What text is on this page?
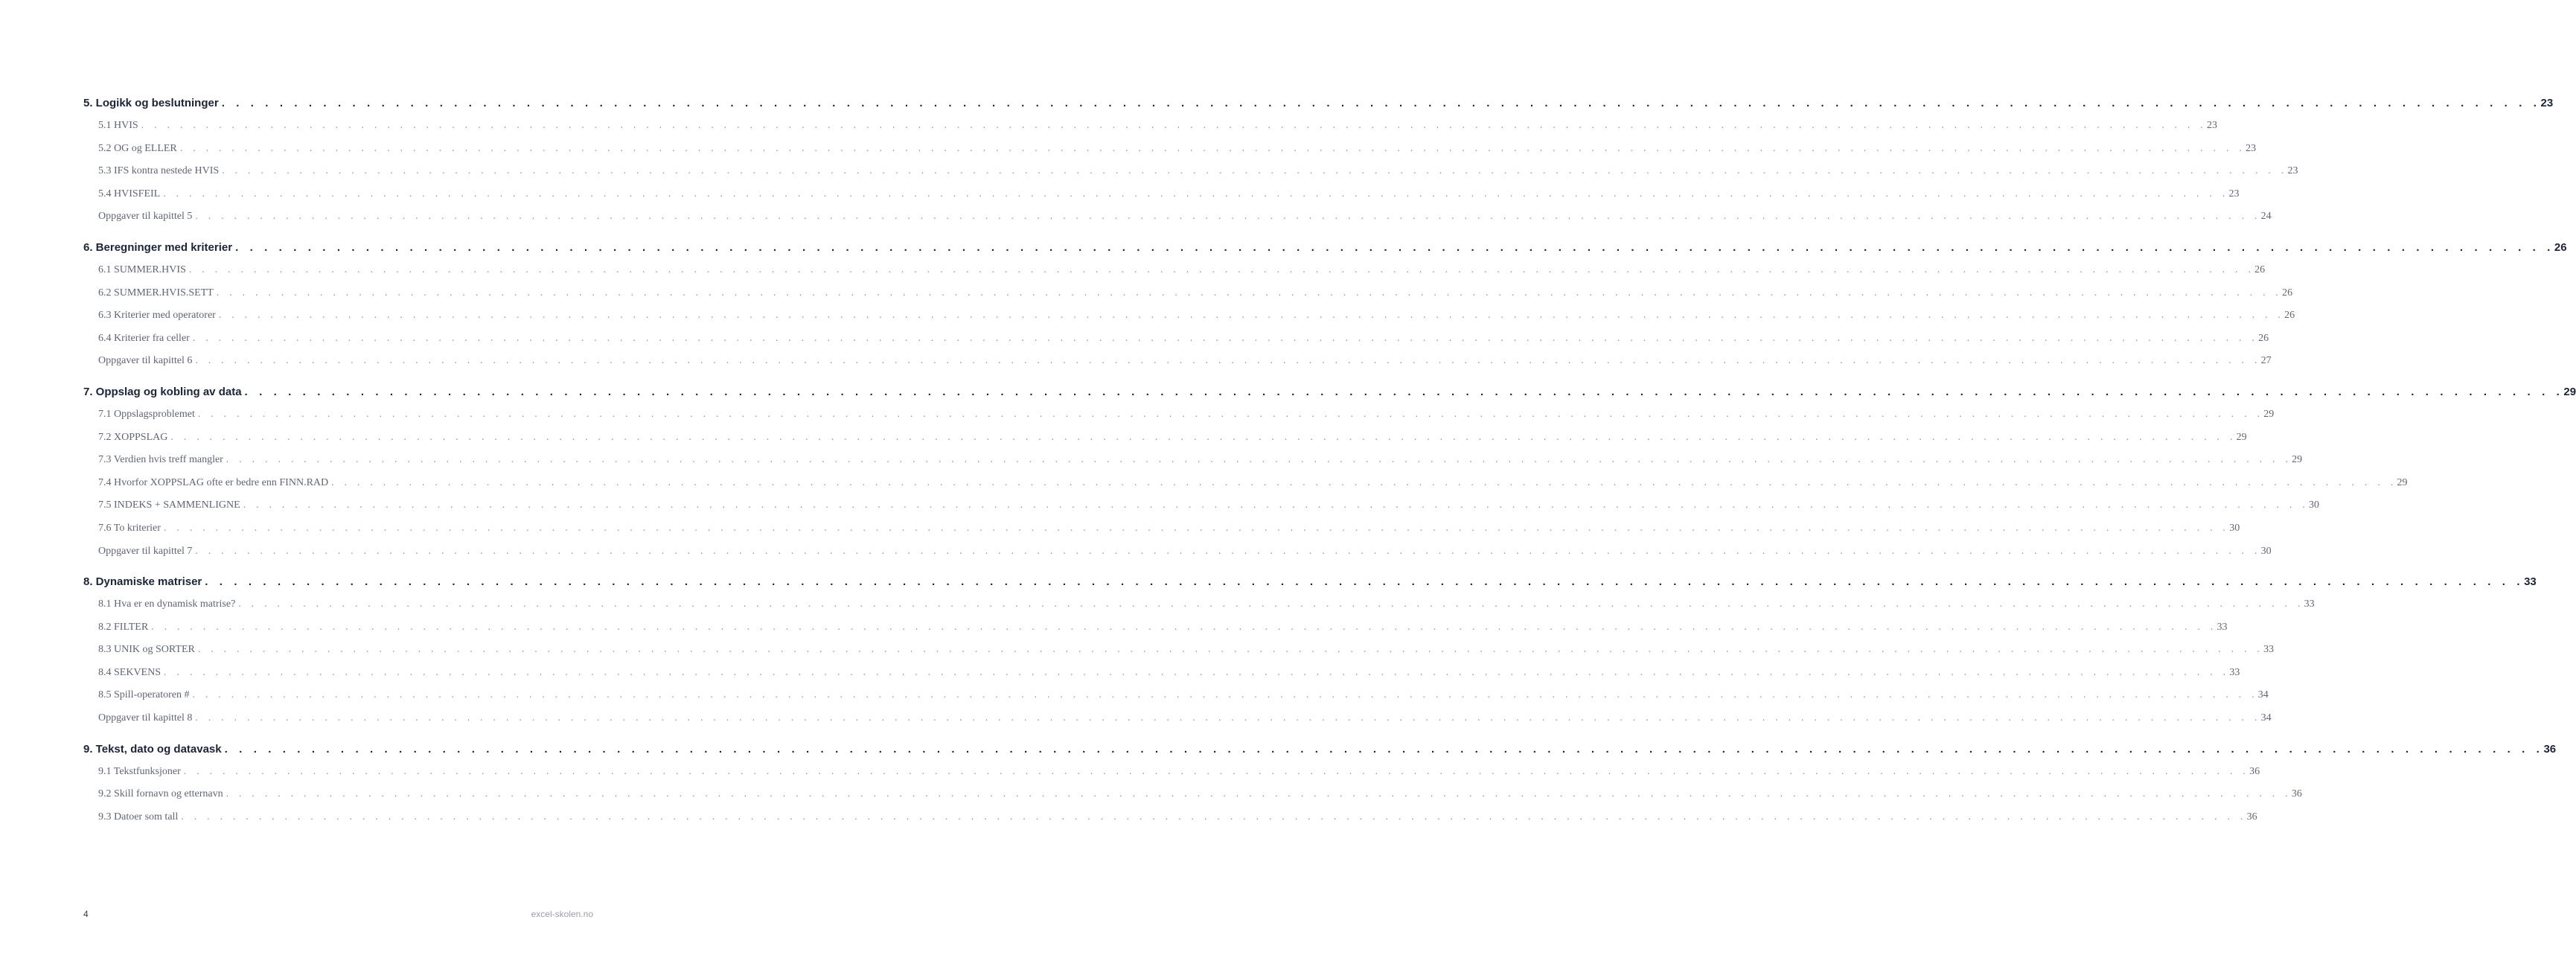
5. Logikk og beslutninger . . . . . . . . . . . . . . . . . . . . . . . . . . . . . . . . . . . . . . . . . . . . . . . . . . . . . . . . . . . . . . . . . . . . . . . . . . . . . . . . . . . . . . . . . . . . . . . . . . . . . . . . . . . . . . . . . . . . . . . . . . . . . . . . . . . . . . . . . . . . . . . . . . . . . . . . . . . . . . . . 23
5.1 HVIS . . . . . . . . . . . . . . . . . . . . . . . . . . . . . . . . . . . . . . . . . . . . . . . . . . . . . . . . . . . . . . . . . . . . . . . . . . . . . . . . . . . . . . . . . . . . . . . . . . . . . . . . . . . . . . . . . . . . . . . . . . . . . . . . . . . . . . . . . . . . . . . . . . . . . . . . . . . . . . . . 23
5.2 OG og ELLER . . . . . . . . . . . . . . . . . . . . . . . . . . . . . . . . . . . . . . . . . . . . . . . . . . . . . . . . . . . . . . . . . . . . . . . . . . . . . . . . . . . . . . . . . . . . . . . . . . . . . . . . . . . . . . . . . . . . . . . . . . . . . . . . . . . . . . . . . . . . . . . . . . . . . . . . . . . . . . . . 23
5.3 IFS kontra nestede HVIS . . . . . . . . . . . . . . . . . . . . . . . . . . . . . . . . . . . . . . . . . . . . . . . . . . . . . . . . . . . . . . . . . . . . . . . . . . . . . . . . . . . . . . . . . . . . . . . . . . . . . . . . . . . . . . . . . . . . . . . . . . . . . . . . . . . . . . . . . . . . . . . . . . . . . . . . . . . . . . . . 23
5.4 HVISFEIL . . . . . . . . . . . . . . . . . . . . . . . . . . . . . . . . . . . . . . . . . . . . . . . . . . . . . . . . . . . . . . . . . . . . . . . . . . . . . . . . . . . . . . . . . . . . . . . . . . . . . . . . . . . . . . . . . . . . . . . . . . . . . . . . . . . . . . . . . . . . . . . . . . . . . . . . . . . . . . . . 23
Oppgaver til kapittel 5 . . . . . . . . . . . . . . . . . . . . . . . . . . . . . . . . . . . . . . . . . . . . . . . . . . . . . . . . . . . . . . . . . . . . . . . . . . . . . . . . . . . . . . . . . . . . . . . . . . . . . . . . . . . . . . . . . . . . . . . . . . . . . . . . . . . . . . . . . . . . . . . . . . . . . . . . . . . . . . . . 24
6. Beregninger med kriterier . . . . . . . . . . . . . . . . . . . . . . . . . . . . . . . . . . . . . . . . . . . . . . . . . . . . . . . . . . . . . . . . . . . . . . . . . . . . . . . . . . . . . . . . . . . . . . . . . . . . . . . . . . . . . . . . . . . . . . . . . . . . . . . . . . . . . . . . . . . . . . . . . . . . . . . . . . . . . . . . 26
6.1 SUMMER.HVIS . . . . . . . . . . . . . . . . . . . . . . . . . . . . . . . . . . . . . . . . . . . . . . . . . . . . . . . . . . . . . . . . . . . . . . . . . . . . . . . . . . . . . . . . . . . . . . . . . . . . . . . . . . . . . . . . . . . . . . . . . . . . . . . . . . . . . . . . . . . . . . . . . . . . . . . . . . . . . . . . 26
6.2 SUMMER.HVIS.SETT . . . . . . . . . . . . . . . . . . . . . . . . . . . . . . . . . . . . . . . . . . . . . . . . . . . . . . . . . . . . . . . . . . . . . . . . . . . . . . . . . . . . . . . . . . . . . . . . . . . . . . . . . . . . . . . . . . . . . . . . . . . . . . . . . . . . . . . . . . . . . . . . . . . . . . . . . . . . . . . . 26
6.3 Kriterier med operatorer . . . . . . . . . . . . . . . . . . . . . . . . . . . . . . . . . . . . . . . . . . . . . . . . . . . . . . . . . . . . . . . . . . . . . . . . . . . . . . . . . . . . . . . . . . . . . . . . . . . . . . . . . . . . . . . . . . . . . . . . . . . . . . . . . . . . . . . . . . . . . . . . . . . . . . . . . . . . . . . . 26
6.4 Kriterier fra celler . . . . . . . . . . . . . . . . . . . . . . . . . . . . . . . . . . . . . . . . . . . . . . . . . . . . . . . . . . . . . . . . . . . . . . . . . . . . . . . . . . . . . . . . . . . . . . . . . . . . . . . . . . . . . . . . . . . . . . . . . . . . . . . . . . . . . . . . . . . . . . . . . . . . . . . . . . . . . . . . 26
Oppgaver til kapittel 6 . . . . . . . . . . . . . . . . . . . . . . . . . . . . . . . . . . . . . . . . . . . . . . . . . . . . . . . . . . . . . . . . . . . . . . . . . . . . . . . . . . . . . . . . . . . . . . . . . . . . . . . . . . . . . . . . . . . . . . . . . . . . . . . . . . . . . . . . . . . . . . . . . . . . . . . . . . . . . . . . 27
7. Oppslag og kobling av data . . . . . . . . . . . . . . . . . . . . . . . . . . . . . . . . . . . . . . . . . . . . . . . . . . . . . . . . . . . . . . . . . . . . . . . . . . . . . . . . . . . . . . . . . . . . . . . . . . . . . . . . . . . . . . . . . . . . . . . . . . . . . . . . . . . . . . . . . . . . . . . . . . . . . . . . . . . . . . . . 29
7.1 Oppslagsproblemet . . . . . . . . . . . . . . . . . . . . . . . . . . . . . . . . . . . . . . . . . . . . . . . . . . . . . . . . . . . . . . . . . . . . . . . . . . . . . . . . . . . . . . . . . . . . . . . . . . . . . . . . . . . . . . . . . . . . . . . . . . . . . . . . . . . . . . . . . . . . . . . . . . . . . . . . . . . . . . . . 29
7.2 XOPPSLAG . . . . . . . . . . . . . . . . . . . . . . . . . . . . . . . . . . . . . . . . . . . . . . . . . . . . . . . . . . . . . . . . . . . . . . . . . . . . . . . . . . . . . . . . . . . . . . . . . . . . . . . . . . . . . . . . . . . . . . . . . . . . . . . . . . . . . . . . . . . . . . . . . . . . . . . . . . . . . . . . 29
7.3 Verdien hvis treff mangler . . . . . . . . . . . . . . . . . . . . . . . . . . . . . . . . . . . . . . . . . . . . . . . . . . . . . . . . . . . . . . . . . . . . . . . . . . . . . . . . . . . . . . . . . . . . . . . . . . . . . . . . . . . . . . . . . . . . . . . . . . . . . . . . . . . . . . . . . . . . . . . . . . . . . . . . . . . . . . . . 29
7.4 Hvorfor XOPPSLAG ofte er bedre enn FINN.RAD . . . . . . . . . . . . . . . . . . . . . . . . . . . . . . . . . . . . . . . . . . . . . . . . . . . . . . . . . . . . . . . . . . . . . . . . . . . . . . . . . . . . . . . . . . . . . . . . . . . . . . . . . . . . . . . . . . . . . . . . . . . . . . . . . . . . . . . . . . . . . . . . . . . . . . . . . . . . . . . . 29
7.5 INDEKS + SAMMENLIGNE . . . . . . . . . . . . . . . . . . . . . . . . . . . . . . . . . . . . . . . . . . . . . . . . . . . . . . . . . . . . . . . . . . . . . . . . . . . . . . . . . . . . . . . . . . . . . . . . . . . . . . . . . . . . . . . . . . . . . . . . . . . . . . . . . . . . . . . . . . . . . . . . . . . . . . . . . . . . . . . . 30
7.6 To kriterier . . . . . . . . . . . . . . . . . . . . . . . . . . . . . . . . . . . . . . . . . . . . . . . . . . . . . . . . . . . . . . . . . . . . . . . . . . . . . . . . . . . . . . . . . . . . . . . . . . . . . . . . . . . . . . . . . . . . . . . . . . . . . . . . . . . . . . . . . . . . . . . . . . . . . . . . . . . . . . . . 30
Oppgaver til kapittel 7 . . . . . . . . . . . . . . . . . . . . . . . . . . . . . . . . . . . . . . . . . . . . . . . . . . . . . . . . . . . . . . . . . . . . . . . . . . . . . . . . . . . . . . . . . . . . . . . . . . . . . . . . . . . . . . . . . . . . . . . . . . . . . . . . . . . . . . . . . . . . . . . . . . . . . . . . . . . . . . . . 30
8. Dynamiske matriser . . . . . . . . . . . . . . . . . . . . . . . . . . . . . . . . . . . . . . . . . . . . . . . . . . . . . . . . . . . . . . . . . . . . . . . . . . . . . . . . . . . . . . . . . . . . . . . . . . . . . . . . . . . . . . . . . . . . . . . . . . . . . . . . . . . . . . . . . . . . . . . . . . . . . . . . . . . . . . . . 33
8.1 Hva er en dynamisk matrise? . . . . . . . . . . . . . . . . . . . . . . . . . . . . . . . . . . . . . . . . . . . . . . . . . . . . . . . . . . . . . . . . . . . . . . . . . . . . . . . . . . . . . . . . . . . . . . . . . . . . . . . . . . . . . . . . . . . . . . . . . . . . . . . . . . . . . . . . . . . . . . . . . . . . . . . . . . . . . . . . 33
8.2 FILTER . . . . . . . . . . . . . . . . . . . . . . . . . . . . . . . . . . . . . . . . . . . . . . . . . . . . . . . . . . . . . . . . . . . . . . . . . . . . . . . . . . . . . . . . . . . . . . . . . . . . . . . . . . . . . . . . . . . . . . . . . . . . . . . . . . . . . . . . . . . . . . . . . . . . . . . . . . . . . . . . 33
8.3 UNIK og SORTER . . . . . . . . . . . . . . . . . . . . . . . . . . . . . . . . . . . . . . . . . . . . . . . . . . . . . . . . . . . . . . . . . . . . . . . . . . . . . . . . . . . . . . . . . . . . . . . . . . . . . . . . . . . . . . . . . . . . . . . . . . . . . . . . . . . . . . . . . . . . . . . . . . . . . . . . . . . . . . . . 33
8.4 SEKVENS . . . . . . . . . . . . . . . . . . . . . . . . . . . . . . . . . . . . . . . . . . . . . . . . . . . . . . . . . . . . . . . . . . . . . . . . . . . . . . . . . . . . . . . . . . . . . . . . . . . . . . . . . . . . . . . . . . . . . . . . . . . . . . . . . . . . . . . . . . . . . . . . . . . . . . . . . . . . . . . . 33
8.5 Spill-operatoren # . . . . . . . . . . . . . . . . . . . . . . . . . . . . . . . . . . . . . . . . . . . . . . . . . . . . . . . . . . . . . . . . . . . . . . . . . . . . . . . . . . . . . . . . . . . . . . . . . . . . . . . . . . . . . . . . . . . . . . . . . . . . . . . . . . . . . . . . . . . . . . . . . . . . . . . . . . . . . . . . 34
Oppgaver til kapittel 8 . . . . . . . . . . . . . . . . . . . . . . . . . . . . . . . . . . . . . . . . . . . . . . . . . . . . . . . . . . . . . . . . . . . . . . . . . . . . . . . . . . . . . . . . . . . . . . . . . . . . . . . . . . . . . . . . . . . . . . . . . . . . . . . . . . . . . . . . . . . . . . . . . . . . . . . . . . . . . . . . 34
9. Tekst, dato og datavask . . . . . . . . . . . . . . . . . . . . . . . . . . . . . . . . . . . . . . . . . . . . . . . . . . . . . . . . . . . . . . . . . . . . . . . . . . . . . . . . . . . . . . . . . . . . . . . . . . . . . . . . . . . . . . . . . . . . . . . . . . . . . . . . . . . . . . . . . . . . . . . . . . . . . . . . . . . . . . . . 36
9.1 Tekstfunksjoner . . . . . . . . . . . . . . . . . . . . . . . . . . . . . . . . . . . . . . . . . . . . . . . . . . . . . . . . . . . . . . . . . . . . . . . . . . . . . . . . . . . . . . . . . . . . . . . . . . . . . . . . . . . . . . . . . . . . . . . . . . . . . . . . . . . . . . . . . . . . . . . . . . . . . . . . . . . . . . . . 36
9.2 Skill fornavn og etternavn . . . . . . . . . . . . . . . . . . . . . . . . . . . . . . . . . . . . . . . . . . . . . . . . . . . . . . . . . . . . . . . . . . . . . . . . . . . . . . . . . . . . . . . . . . . . . . . . . . . . . . . . . . . . . . . . . . . . . . . . . . . . . . . . . . . . . . . . . . . . . . . . . . . . . . . . . . . . . . . . 36
9.3 Datoer som tall . . . . . . . . . . . . . . . . . . . . . . . . . . . . . . . . . . . . . . . . . . . . . . . . . . . . . . . . . . . . . . . . . . . . . . . . . . . . . . . . . . . . . . . . . . . . . . . . . . . . . . . . . . . . . . . . . . . . . . . . . . . . . . . . . . . . . . . . . . . . . . . . . . . . . . . . . . . . . . . . 36
4	excel-skolen.no
